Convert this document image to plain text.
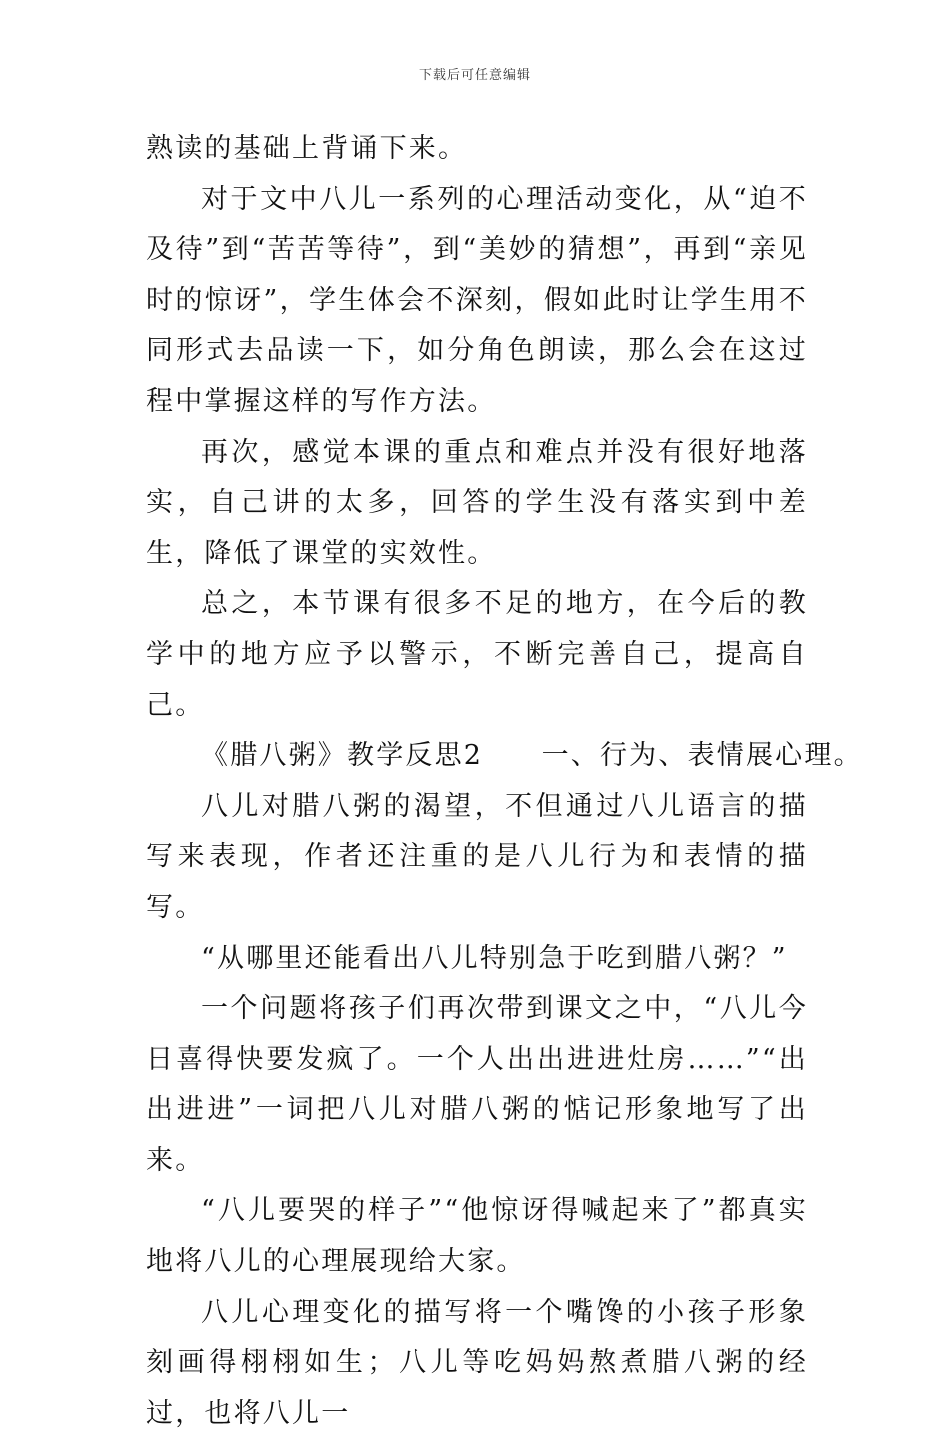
下载后可任意编辑

熟读的基础上背诵下来。

对于文中八儿一系列的心理活动变化，从“迫不及待”到“苦苦等待”，到“美妙的猜想”，再到“亲见时的惊讶”，学生体会不深刻，假如此时让学生用不同形式去品读一下，如分角色朗读，那么会在这过程中掌握这样的写作方法。

再次，感觉本课的重点和难点并没有很好地落实，自己讲的太多，回答的学生没有落实到中差生，降低了课堂的实效性。

总之，本节课有很多不足的地方，在今后的教学中的地方应予以警示，不断完善自己，提高自己。

《腊八粥》教学反思2　　一、行为、表情展心理。

八儿对腊八粥的渴望，不但通过八儿语言的描写来表现，作者还注重的是八儿行为和表情的描写。

“从哪里还能看出八儿特别急于吃到腊八粥？”

一个问题将孩子们再次带到课文之中，“八儿今日喜得快要发疯了。一个人出出进进灶房……”“出出进进”一词把八儿对腊八粥的惦记形象地写了出来。

“八儿要哭的样子”“他惊讶得喊起来了”都真实地将八儿的心理展现给大家。

八儿心理变化的描写将一个嘴馋的小孩子形象刻画得栩栩如生；八儿等吃妈妈熬煮腊八粥的经过，也将八儿一
